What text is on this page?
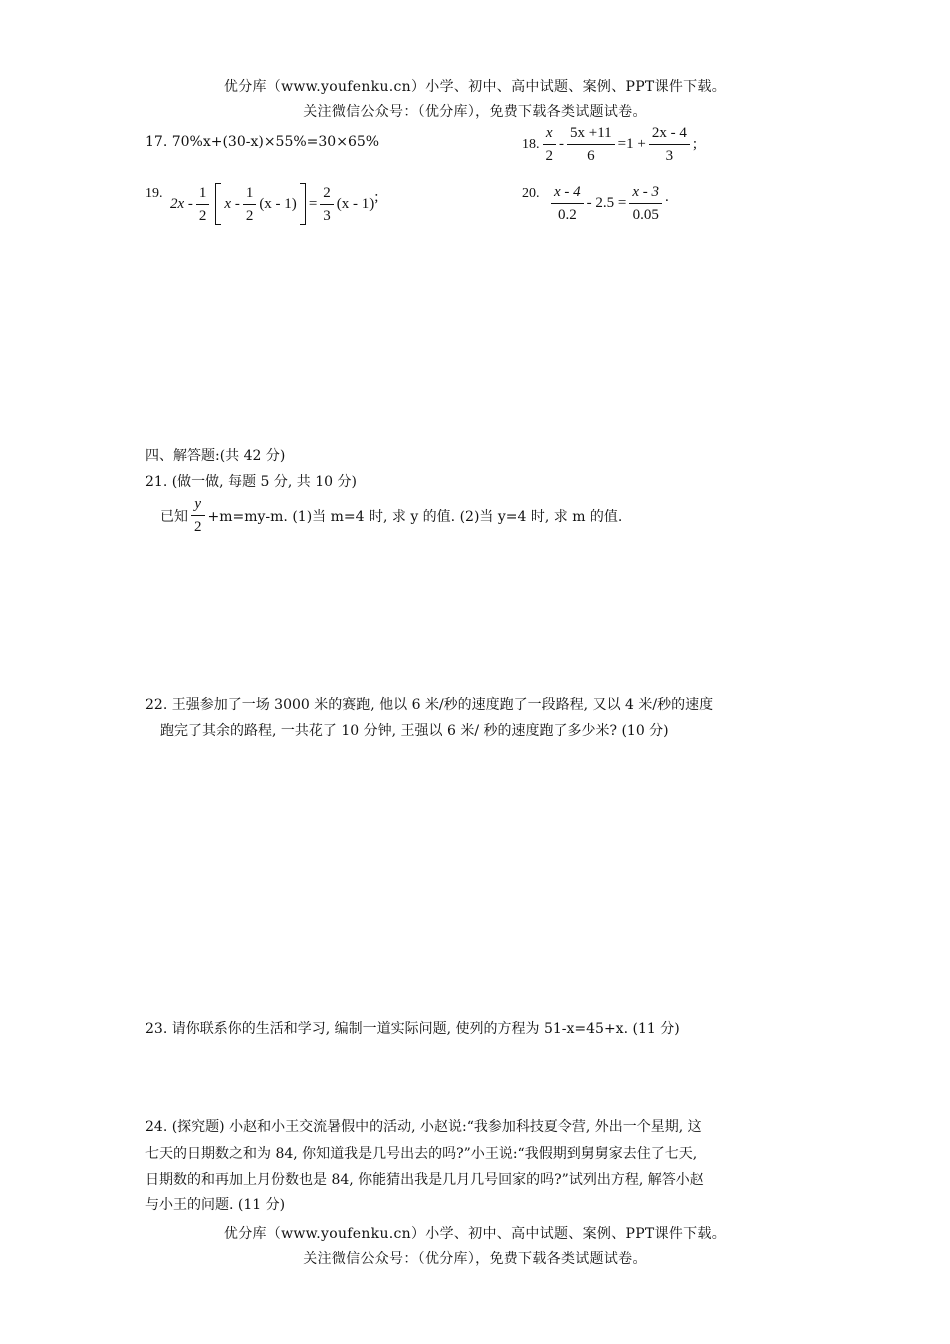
优分库（www.youfenku.cn）小学、初中、高中试题、案例、PPT课件下载。
关注微信公众号：（优分库），免费下载各类试题试卷。
17. 70%x+(30-x)×55%=30×65%	18. $\frac{x}{2} - \frac{5x +11}{6} =1 + \frac{2x - 4}{3}$ ;
19.
$2x - \frac{1}{2}$ $x - \frac{1}{2} (x - 1) = \frac{2}{3} (x - 1)$ ;	20. $\frac{x - 4}{0.2} - 2.5 = \frac{x - 3}{0.05}$ .
四、解答题:(共 42 分)
21. (做一做, 每题 5 分, 共 10 分)
已知 $\frac{y}{2} +m=my-m$. (1)当 m=4 时, 求 y 的值. (2)当 y=4 时, 求 m 的值.
22. 王强参加了一场 3000 米的赛跑, 他以 6 米/秒的速度跑了一段路程, 又以 4 米/秒的速度
跑完了其余的路程, 一共花了 10 分钟, 王强以 6 米/ 秒的速度跑了多少米? (10 分)
23. 请你联系你的生活和学习, 编制一道实际问题, 使列的方程为 51-x=45+x. (11 分)
24. (探究题) 小赵和小王交流暑假中的活动, 小赵说:“我参加科技夏令营, 外出一个星期, 这
七天的日期数之和为 84, 你知道我是几号出去的吗?”小王说:“我假期到舅舅家去住了七天,
日期数的和再加上月份数也是 84, 你能猜出我是几月几号回家的吗?”试列出方程, 解答小赵
与小王的问题. (11 分)
优分库（www.youfenku.cn）小学、初中、高中试题、案例、PPT课件下载。
关注微信公众号：（优分库），免费下载各类试题试卷。
